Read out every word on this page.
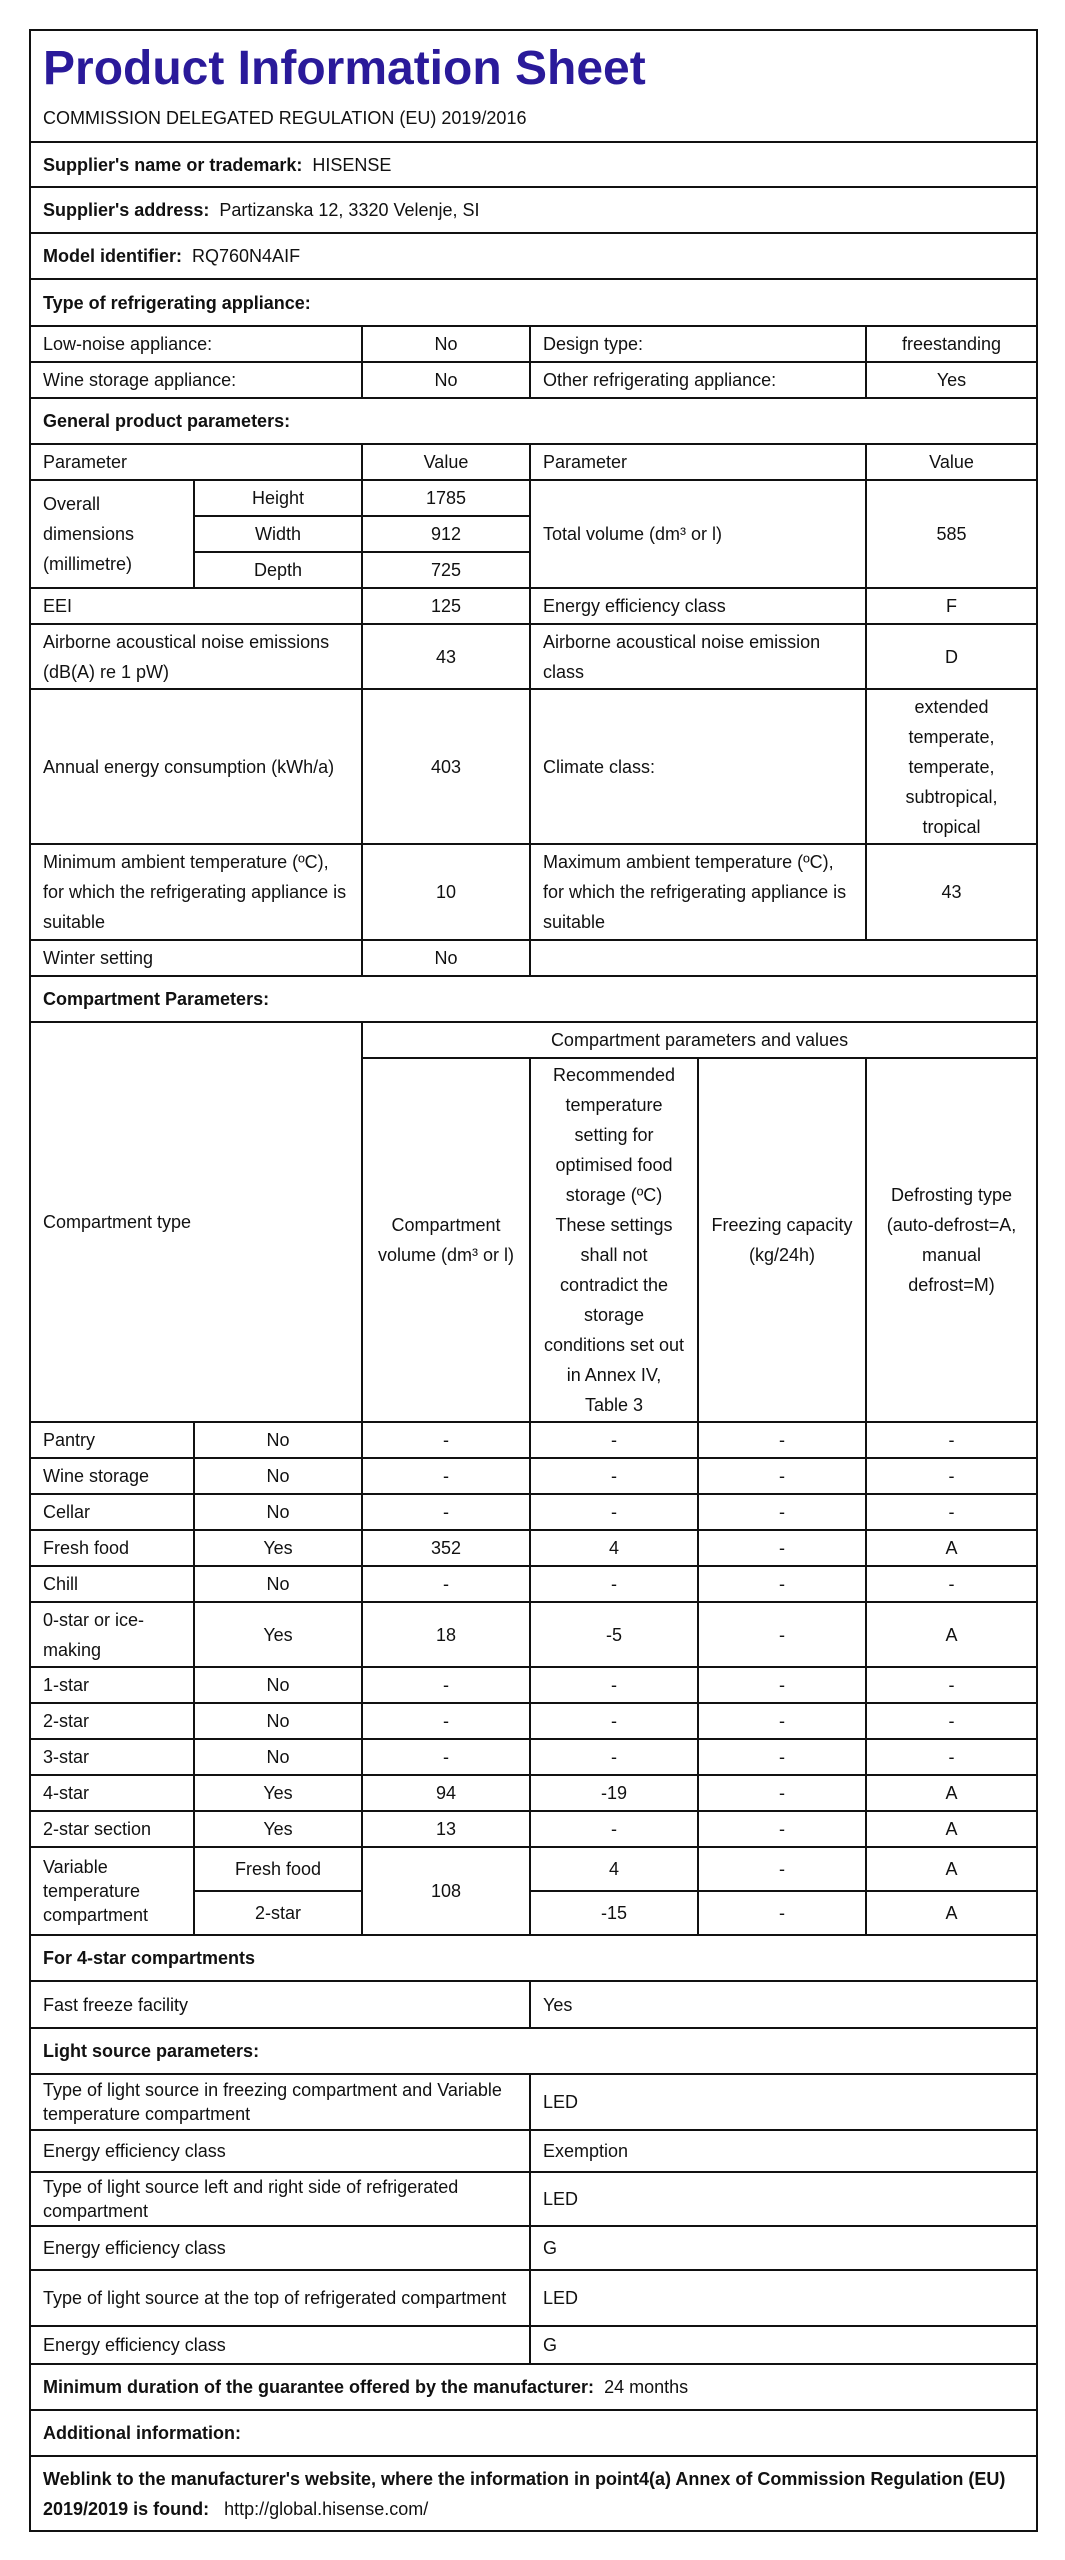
Product Information Sheet
COMMISSION DELEGATED REGULATION (EU) 2019/2016					

Supplier's name or trademark: HISENSE					
Supplier's address: Partizanska 12, 3320 Velenje, SI					
Model identifier: RQ760N4AIF					
Type of refrigerating appliance:					
Low-noise appliance:		No	Design type:		freestanding
Wine storage appliance:		No	Other refrigerating appliance:		Yes
General product parameters:					
Parameter		Value	Parameter		Value
Overall dimensions (millimetre)	Height	1785	Total volume (dm³ or l)		585
	Width	912			
	Depth	725			
EEI		125	Energy efficiency class		F
Airborne acoustical noise emissions (dB(A) re 1 pW)		43	Airborne acoustical noise emission class		D
Annual energy consumption (kWh/a)		403	Climate class:		extended temperate, temperate, subtropical, tropical
Minimum ambient temperature (ºC), for which the refrigerating appliance is suitable		10	Maximum ambient temperature (ºC), for which the refrigerating appliance is suitable		43
Winter setting		No			
Compartment Parameters:					
Compartment type		Compartment parameters and values			
		Compartment volume (dm³ or l)	Recommended temperature setting for optimised food storage (ºC) These settings shall not contradict the storage conditions set out in Annex IV, Table 3	Freezing capacity (kg/24h)	Defrosting type (auto-defrost=A, manual defrost=M)
Pantry	No	-	-	-	-
Wine storage	No	-	-	-	-
Cellar	No	-	-	-	-
Fresh food	Yes	352	4	-	A
Chill	No	-	-	-	-
0-star or ice-making	Yes	18	-5	-	A
1-star	No	-	-	-	-
2-star	No	-	-	-	-
3-star	No	-	-	-	-
4-star	Yes	94	-19	-	A
2-star section	Yes	13	-	-	A
Variable temperature compartment	Fresh food	108	4	-	A
	2-star		-15	-	A
For 4-star compartments					
Fast freeze facility			Yes		
Light source parameters:					
Type of light source in freezing compartment and Variable temperature compartment			LED		
Energy efficiency class			Exemption		
Type of light source left and right side of refrigerated compartment			LED		
Energy efficiency class			G		
Type of light source at the top of refrigerated compartment			LED		
Energy efficiency class			G		
Minimum duration of the guarantee offered by the manufacturer: 24 months					
Additional information:					
Weblink to the manufacturer's website, where the information in point4(a) Annex of Commission Regulation (EU) 2019/2019 is found: http://global.hisense.com/					
